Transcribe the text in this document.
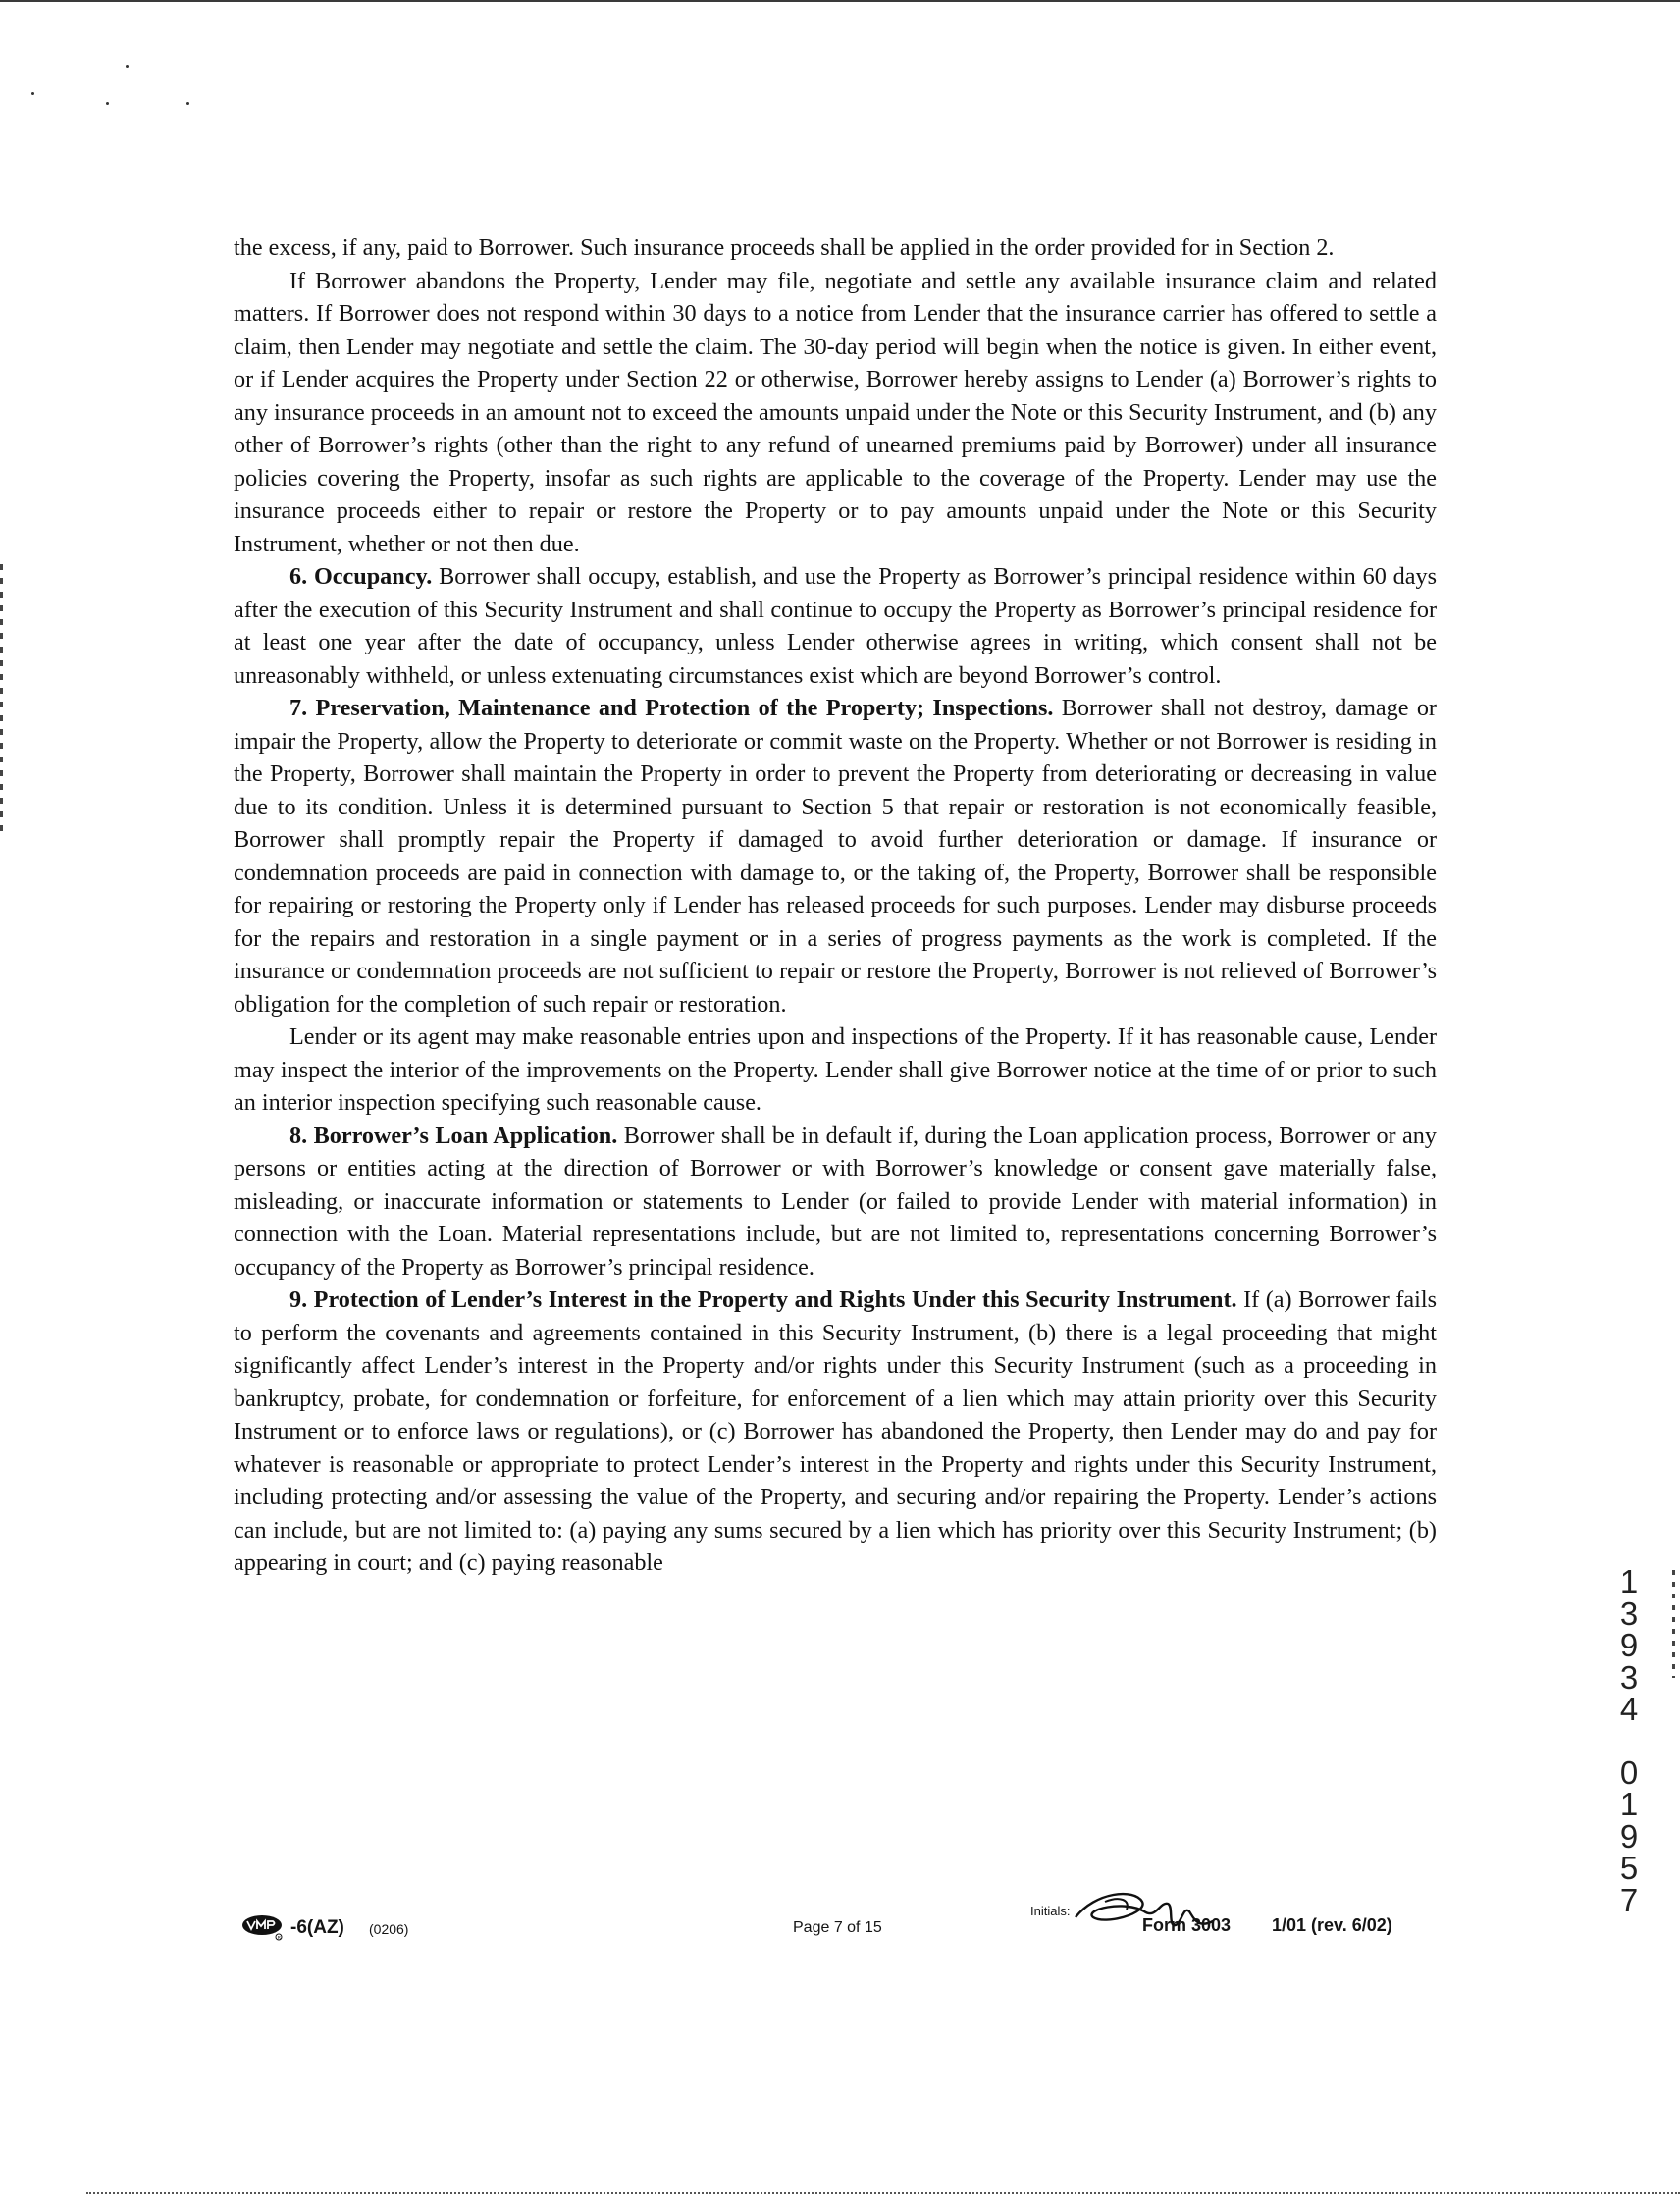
the excess, if any, paid to Borrower. Such insurance proceeds shall be applied in the order provided for in Section 2.

If Borrower abandons the Property, Lender may file, negotiate and settle any available insurance claim and related matters. If Borrower does not respond within 30 days to a notice from Lender that the insurance carrier has offered to settle a claim, then Lender may negotiate and settle the claim. The 30-day period will begin when the notice is given. In either event, or if Lender acquires the Property under Section 22 or otherwise, Borrower hereby assigns to Lender (a) Borrower’s rights to any insurance proceeds in an amount not to exceed the amounts unpaid under the Note or this Security Instrument, and (b) any other of Borrower’s rights (other than the right to any refund of unearned premiums paid by Borrower) under all insurance policies covering the Property, insofar as such rights are applicable to the coverage of the Property. Lender may use the insurance proceeds either to repair or restore the Property or to pay amounts unpaid under the Note or this Security Instrument, whether or not then due.

6. Occupancy. Borrower shall occupy, establish, and use the Property as Borrower’s principal residence within 60 days after the execution of this Security Instrument and shall continue to occupy the Property as Borrower’s principal residence for at least one year after the date of occupancy, unless Lender otherwise agrees in writing, which consent shall not be unreasonably withheld, or unless extenuating circumstances exist which are beyond Borrower’s control.

7. Preservation, Maintenance and Protection of the Property; Inspections. Borrower shall not destroy, damage or impair the Property, allow the Property to deteriorate or commit waste on the Property. Whether or not Borrower is residing in the Property, Borrower shall maintain the Property in order to prevent the Property from deteriorating or decreasing in value due to its condition. Unless it is determined pursuant to Section 5 that repair or restoration is not economically feasible, Borrower shall promptly repair the Property if damaged to avoid further deterioration or damage. If insurance or condemnation proceeds are paid in connection with damage to, or the taking of, the Property, Borrower shall be responsible for repairing or restoring the Property only if Lender has released proceeds for such purposes. Lender may disburse proceeds for the repairs and restoration in a single payment or in a series of progress payments as the work is completed. If the insurance or condemnation proceeds are not sufficient to repair or restore the Property, Borrower is not relieved of Borrower’s obligation for the completion of such repair or restoration.

Lender or its agent may make reasonable entries upon and inspections of the Property. If it has reasonable cause, Lender may inspect the interior of the improvements on the Property. Lender shall give Borrower notice at the time of or prior to such an interior inspection specifying such reasonable cause.

8. Borrower’s Loan Application. Borrower shall be in default if, during the Loan application process, Borrower or any persons or entities acting at the direction of Borrower or with Borrower’s knowledge or consent gave materially false, misleading, or inaccurate information or statements to Lender (or failed to provide Lender with material information) in connection with the Loan. Material representations include, but are not limited to, representations concerning Borrower’s occupancy of the Property as Borrower’s principal residence.

9. Protection of Lender’s Interest in the Property and Rights Under this Security Instrument. If (a) Borrower fails to perform the covenants and agreements contained in this Security Instrument, (b) there is a legal proceeding that might significantly affect Lender’s interest in the Property and/or rights under this Security Instrument (such as a proceeding in bankruptcy, probate, for condemnation or forfeiture, for enforcement of a lien which may attain priority over this Security Instrument or to enforce laws or regulations), or (c) Borrower has abandoned the Property, then Lender may do and pay for whatever is reasonable or appropriate to protect Lender’s interest in the Property and rights under this Security Instrument, including protecting and/or assessing the value of the Property, and securing and/or repairing the Property. Lender’s actions can include, but are not limited to: (a) paying any sums secured by a lien which has priority over this Security Instrument; (b) appearing in court; and (c) paying reasonable

1
3
9
3
4
0
1
9
5
7
R -6(AZ) (0206)	Page 7 of 15
Initials:
Form 3003 1/01 (rev. 6/02)
